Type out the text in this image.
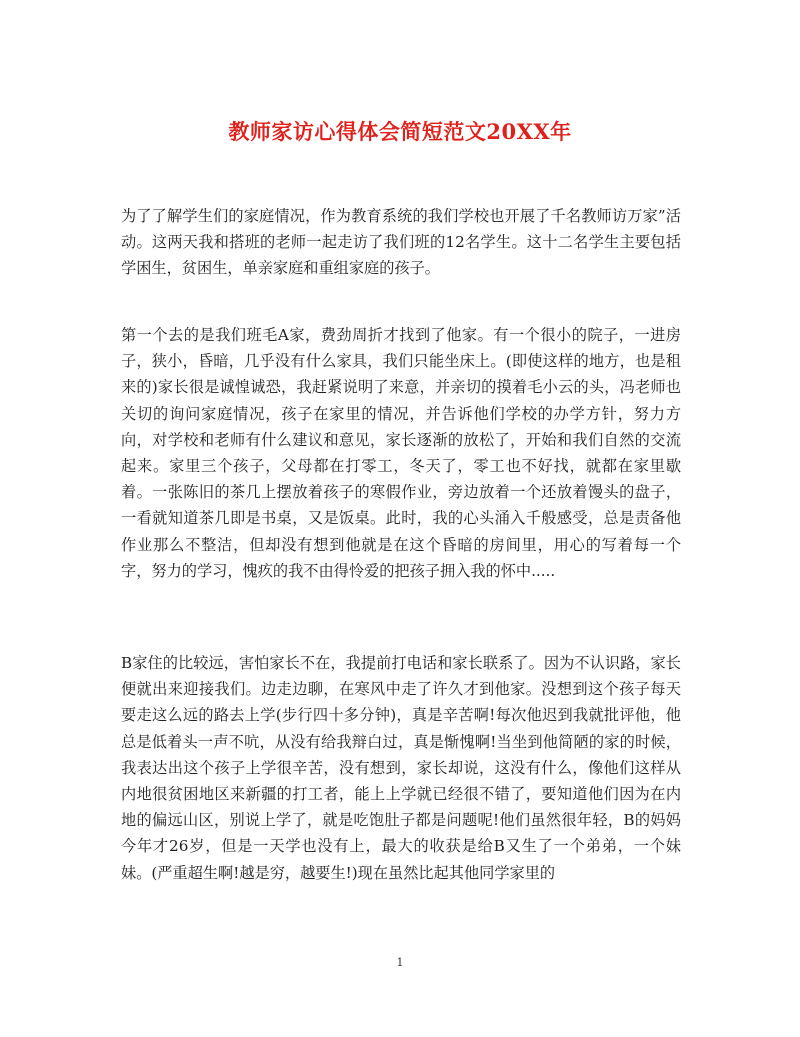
教师家访心得体会简短范文20XX年

为了了解学生们的家庭情况，作为教育系统的我们学校也开展了千名教师访万家”活动。这两天我和搭班的老师一起走访了我们班的12名学生。这十二名学生主要包括学困生，贫困生，单亲家庭和重组家庭的孩子。

第一个去的是我们班毛A家，费劲周折才找到了他家。有一个很小的院子，一进房子，狭小，昏暗，几乎没有什么家具，我们只能坐床上。(即使这样的地方，也是租来的)家长很是诚惶诚恐，我赶紧说明了来意，并亲切的摸着毛小云的头，冯老师也关切的询问家庭情况，孩子在家里的情况，并告诉他们学校的办学方针，努力方向，对学校和老师有什么建议和意见，家长逐渐的放松了，开始和我们自然的交流起来。家里三个孩子，父母都在打零工，冬天了，零工也不好找，就都在家里歇着。一张陈旧的茶几上摆放着孩子的寒假作业，旁边放着一个还放着馒头的盘子，一看就知道茶几即是书桌，又是饭桌。此时，我的心头涌入千般感受，总是责备他作业那么不整洁，但却没有想到他就是在这个昏暗的房间里，用心的写着每一个字，努力的学习，愧疚的我不由得怜爱的把孩子拥入我的怀中.....

B家住的比较远，害怕家长不在，我提前打电话和家长联系了。因为不认识路，家长便就出来迎接我们。边走边聊，在寒风中走了许久才到他家。没想到这个孩子每天要走这么远的路去上学(步行四十多分钟)，真是辛苦啊!每次他迟到我就批评他，他总是低着头一声不吭，从没有给我辩白过，真是惭愧啊!当坐到他简陋的家的时候，我表达出这个孩子上学很辛苦，没有想到，家长却说，这没有什么，像他们这样从内地很贫困地区来新疆的打工者，能上上学就已经很不错了，要知道他们因为在内地的偏远山区，别说上学了，就是吃饱肚子都是问题呢!他们虽然很年轻，B的妈妈今年才26岁，但是一天学也没有上，最大的收获是给B又生了一个弟弟，一个妹妹。(严重超生啊!越是穷，越要生!)现在虽然比起其他同学家里的

1
